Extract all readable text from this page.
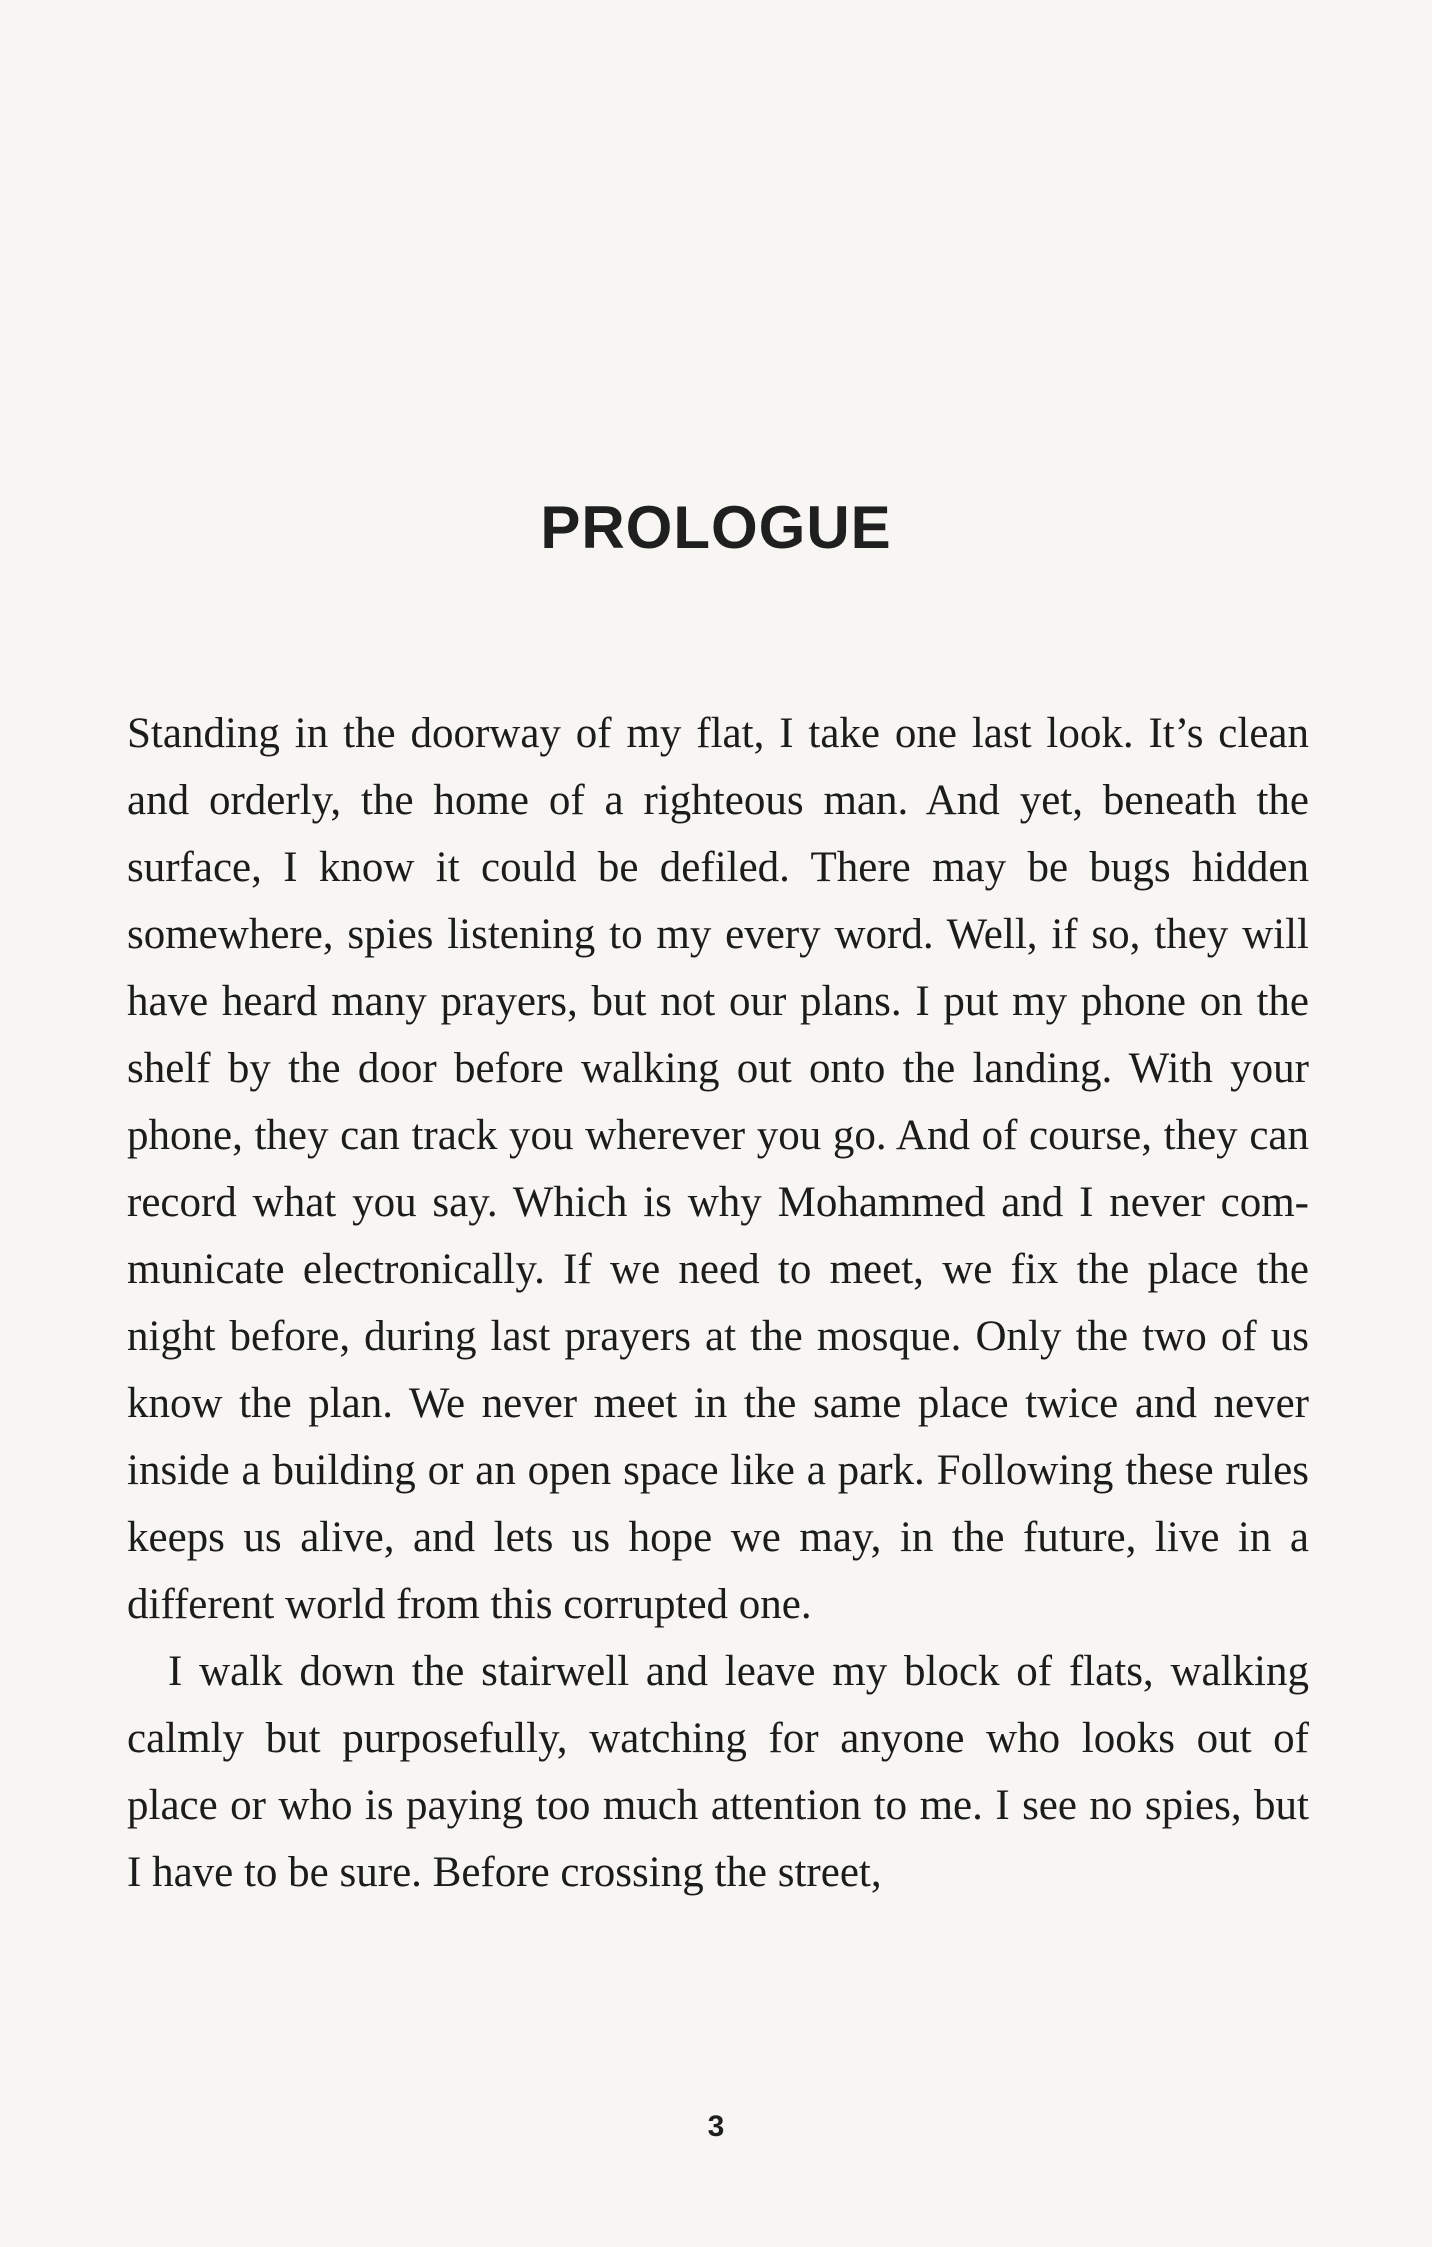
PROLOGUE

Standing in the doorway of my flat, I take one last look. It’s clean and orderly, the home of a righteous man. And yet, beneath the surface, I know it could be defiled. There may be bugs hidden somewhere, spies listening to my every word. Well, if so, they will have heard many prayers, but not our plans. I put my phone on the shelf by the door before walking out onto the landing. With your phone, they can track you wherever you go. And of course, they can record what you say. Which is why Mohammed and I never communicate electronically. If we need to meet, we fix the place the night before, during last prayers at the mosque. Only the two of us know the plan. We never meet in the same place twice and never inside a building or an open space like a park. Following these rules keeps us alive, and lets us hope we may, in the future, live in a different world from this corrupted one.

I walk down the stairwell and leave my block of flats, walking calmly but purposefully, watching for anyone who looks out of place or who is paying too much attention to me. I see no spies, but I have to be sure. Before crossing the street,

3
